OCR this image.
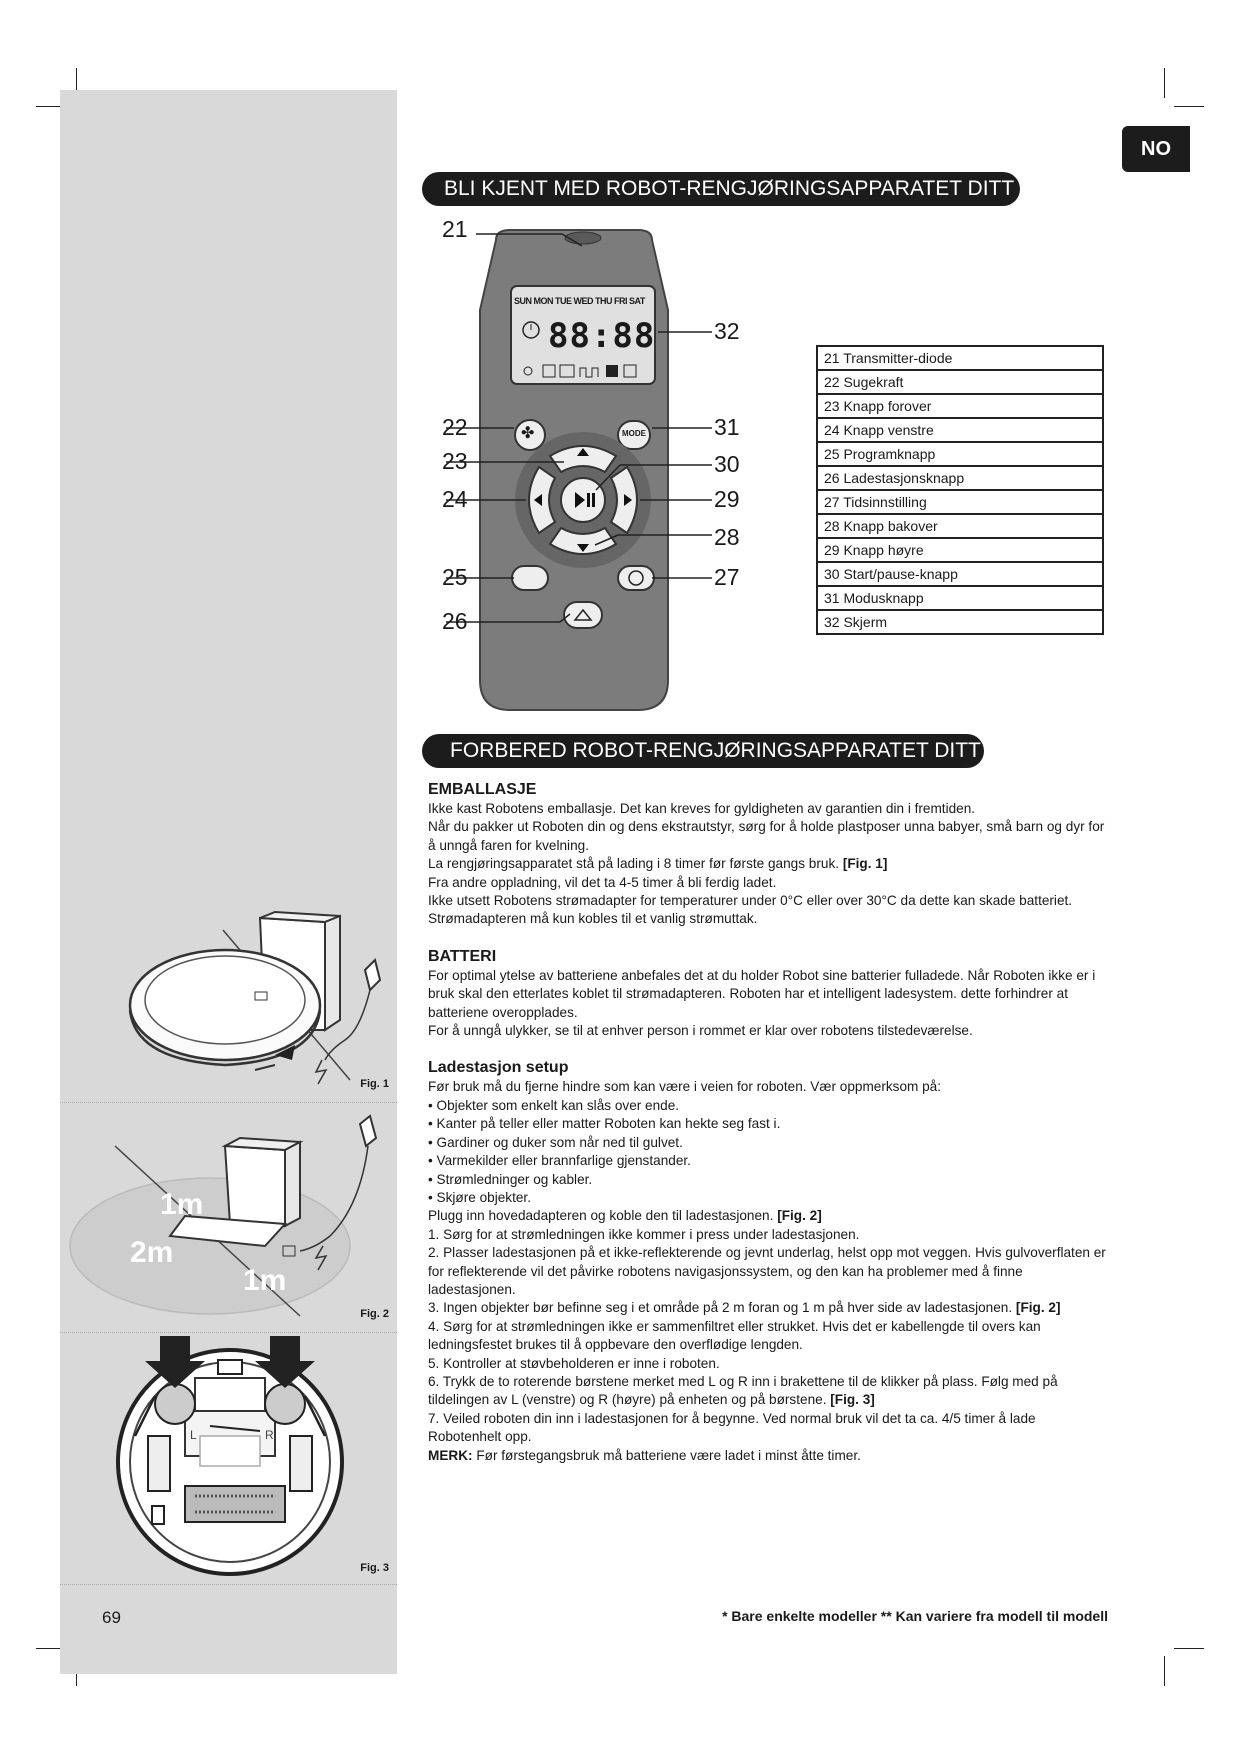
Fig. 1
1m
2m
1m
Fig. 2
L	R
Fig. 3
NO
BLI KJENT MED ROBOT-RENGJØRINGSAPPARATET DITT
SUN MON TUE WED THU FRI SAT
88:88
MODE
✤
21
22
23
24
25
26
27
28
29
30
31
32
21 Transmitter-diode
22 Sugekraft
23 Knapp forover
24 Knapp venstre
25 Programknapp
26 Ladestasjonsknapp
27 Tidsinnstilling
28 Knapp bakover
29 Knapp høyre
30 Start/pause-knapp
31 Modusknapp
32 Skjerm
FORBERED ROBOT-RENGJØRINGSAPPARATET DITT
EMBALLASJE

Ikke kast Robotens emballasje. Det kan kreves for gyldigheten av garantien din i fremtiden.

Når du pakker ut Roboten din og dens ekstrautstyr, sørg for å holde plastposer unna babyer, små barn og dyr for å unngå faren for kvelning.

La rengjøringsapparatet stå på lading i 8 timer før første gangs bruk. [Fig. 1]

Fra andre oppladning, vil det ta 4-5 timer å bli ferdig ladet.

Ikke utsett Robotens strømadapter for temperaturer under 0°C eller over 30°C da dette kan skade batteriet.

Strømadapteren må kun kobles til et vanlig strømuttak.

BATTERI

For optimal ytelse av batteriene anbefales det at du holder Robot sine batterier fulladede. Når Roboten ikke er i bruk skal den etterlates koblet til strømadapteren. Roboten har et intelligent ladesystem. dette forhindrer at batteriene overopplades.

For å unngå ulykker, se til at enhver person i rommet er klar over robotens tilstedeværelse.

Ladestasjon setup

Før bruk må du fjerne hindre som kan være i veien for roboten. Vær oppmerksom på:

• Objekter som enkelt kan slås over ende.

• Kanter på teller eller matter Roboten kan hekte seg fast i.

• Gardiner og duker som når ned til gulvet.

• Varmekilder eller brannfarlige gjenstander.

• Strømledninger og kabler.

• Skjøre objekter.

Plugg inn hovedadapteren og koble den til ladestasjonen. [Fig. 2]

1. Sørg for at strømledningen ikke kommer i press under ladestasjonen.

2. Plasser ladestasjonen på et ikke-reflekterende og jevnt underlag, helst opp mot veggen. Hvis gulvoverflaten er for reflekterende vil det påvirke robotens navigasjonssystem, og den kan ha problemer med å finne ladestasjonen.

3. Ingen objekter bør befinne seg i et område på 2 m foran og 1 m på hver side av ladestasjonen. [Fig. 2]

4. Sørg for at strømledningen ikke er sammenfiltret eller strukket. Hvis det er kabellengde til overs kan ledningsfestet brukes til å oppbevare den overflødige lengden.

5. Kontroller at støvbeholderen er inne i roboten.

6. Trykk de to roterende børstene merket med L og R inn i brakettene til de klikker på plass. Følg med på tildelingen av L (venstre) og R (høyre) på enheten og på børstene. [Fig. 3]

7. Veiled roboten din inn i ladestasjonen for å begynne. Ved normal bruk vil det ta ca. 4/5 timer å lade Robotenhelt opp.

MERK: Før førstegangsbruk må batteriene være ladet i minst åtte timer.

69	* Bare enkelte modeller ** Kan variere fra modell til modell
